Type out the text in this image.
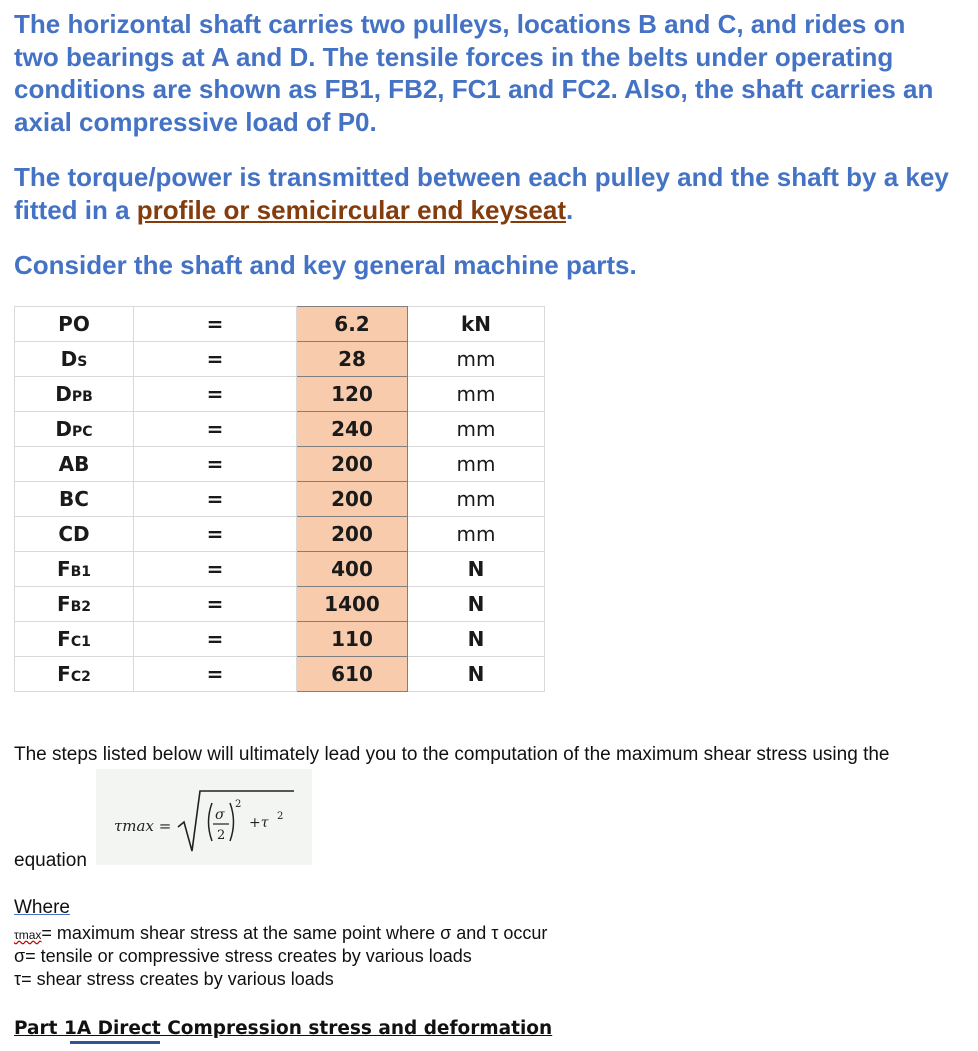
The horizontal shaft carries two pulleys, locations B and C, and rides on two bearings at A and D. The tensile forces in the belts under operating conditions are shown as FB1, FB2, FC1 and FC2. Also, the shaft carries an axial compressive load of P0.

The torque/power is transmitted between each pulley and the shaft by a key fitted in a profile or semicircular end keyseat.

Consider the shaft and key general machine parts.

PO	=	6.2	kN
DS	=	28	mm
DPB	=	120	mm
DPC	=	240	mm
AB	=	200	mm
BC	=	200	mm
CD	=	200	mm
FB1	=	400	N
FB2	=	1400	N
FC1	=	110	N
FC2	=	610	N
The steps listed below will ultimately lead you to the computation of the maximum shear stress using the
τmax =
σ
2
2
+τ 2
equation
Where
τmax= maximum shear stress at the same point where σ and τ occur
σ= tensile or compressive stress creates by various loads
τ= shear stress creates by various loads
Part 1A Direct Compression stress and deformation
